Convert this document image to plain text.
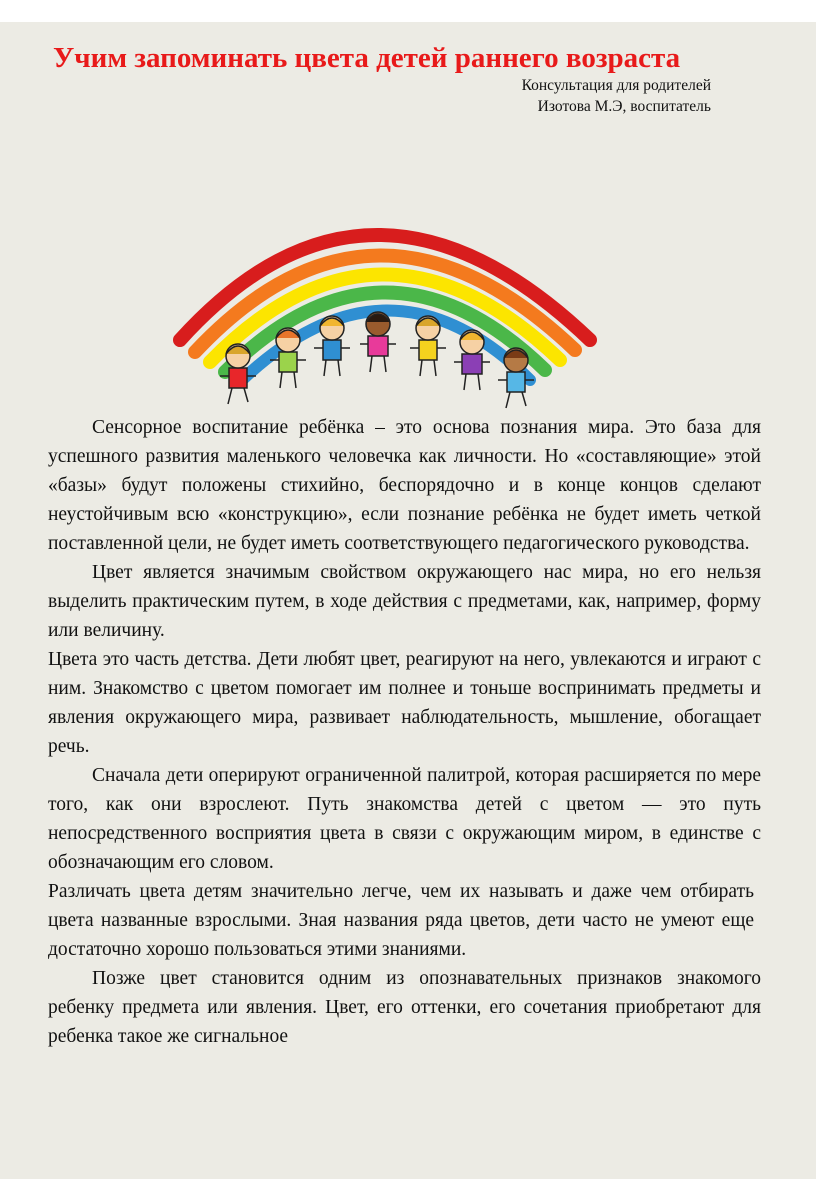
Учим запоминать цвета детей раннего возраста
Консультация для родителей
Изотова М.Э, воспитатель

Сенсорное воспитание ребёнка – это основа познания мира. Это база для успешного развития маленького человечка как личности. Но «составляющие» этой «базы» будут положены стихийно, беспорядочно и в конце концов сделают неустойчивым всю «конструкцию», если познание ребёнка не будет иметь четкой поставленной цели, не будет иметь соответствующего педагогического руководства.

Цвет является значимым свойством окружающего нас мира, но его нельзя выделить практическим путем, в ходе действия с предметами, как, например, форму или величину.

Цвета это часть детства. Дети любят цвет, реагируют на него, увлекаются и играют с ним. Знакомство с цветом помогает им полнее и тоньше воспринимать предметы и явления окружающего мира, развивает наблюдательность, мышление, обогащает речь.

Сначала дети оперируют ограниченной палитрой, которая расширяется по мере того, как они взрослеют. Путь знакомства детей с цветом — это путь непосредственного восприятия цвета в связи с окружающим миром, в единстве с обозначающим его словом.

Различать цвета детям значительно легче, чем их называть и даже чем отбирать цвета названные взрослыми. Зная названия ряда цветов, дети часто не умеют еще достаточно хорошо пользоваться этими знаниями.

Позже цвет становится одним из опознавательных признаков знакомого ребенку предмета или явления. Цвет, его оттенки, его сочетания приобретают для ребенка такое же сигнальное
